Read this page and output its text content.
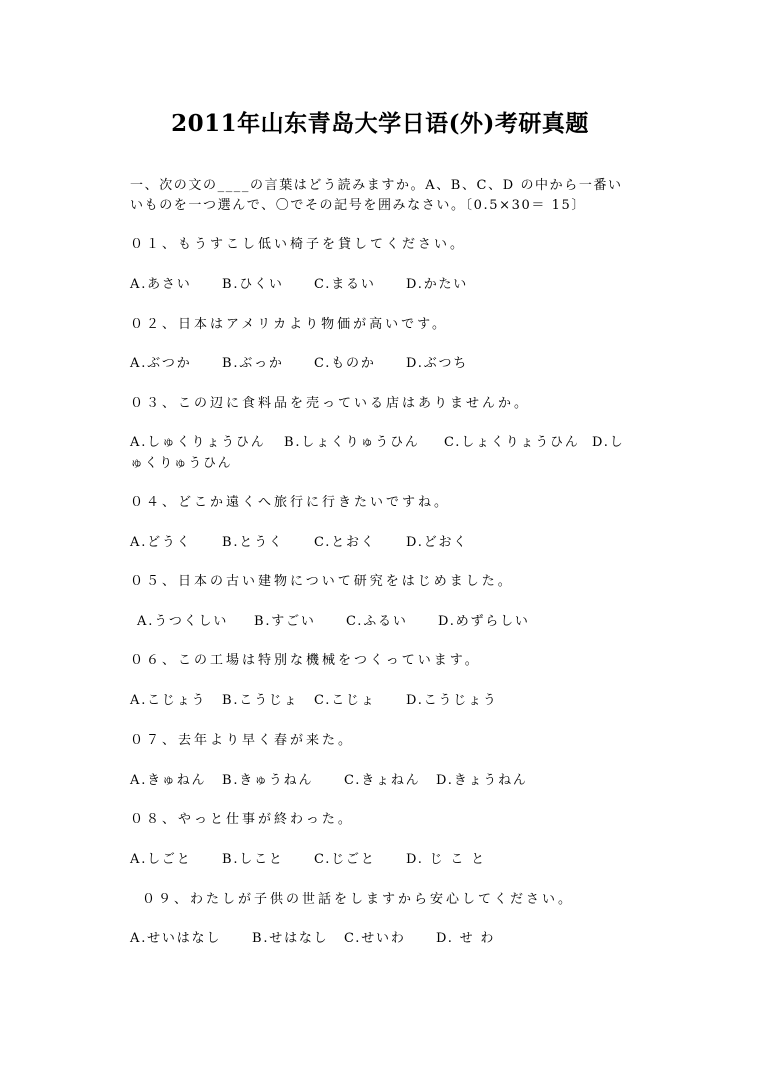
2011年山东青岛大学日语(外)考研真题
一、次の文の____の言葉はどう読みますか。A、B、C、D の中から一番い
いものを一つ選んで、〇でその記号を囲みなさい。〔0.5×30＝ 15〕
０１、もうすこし低い椅子を貸してください。
A.あさい	B.ひくい	C.まるい	D.かたい
０２、日本はアメリカより物価が高いです。
A.ぶつか	B.ぶっか	C.ものか	D.ぶつち
０３、この辺に食料品を売っている店はありませんか。
A.しゅくりょうひん	B.しょくりゅうひん	C.しょくりょうひん D.し
ゅくりゅうひん
０４、どこか遠くへ旅行に行きたいですね。
A.どうく	B.とうく	C.とおく	D.どおく
０５、日本の古い建物について研究をはじめました。
A.うつくしい	B.すごい	C.ふるい	D.めずらしい
０６、この工場は特別な機械をつくっています。
A.こじょう	B.こうじょ	C.こじょ	D.こうじょう
０７、去年より早く春が来た。
A.きゅねん	B.きゅうねん	C.きょねん	D.きょうねん
０８、やっと仕事が終わった。
A.しごと	B.しこと	C.じごと	D. じ こ と
０９、わたしが子供の世話をしますから安心してください。
A.せいはなし	B.せはなし	C.せいわ	D. せ わ
